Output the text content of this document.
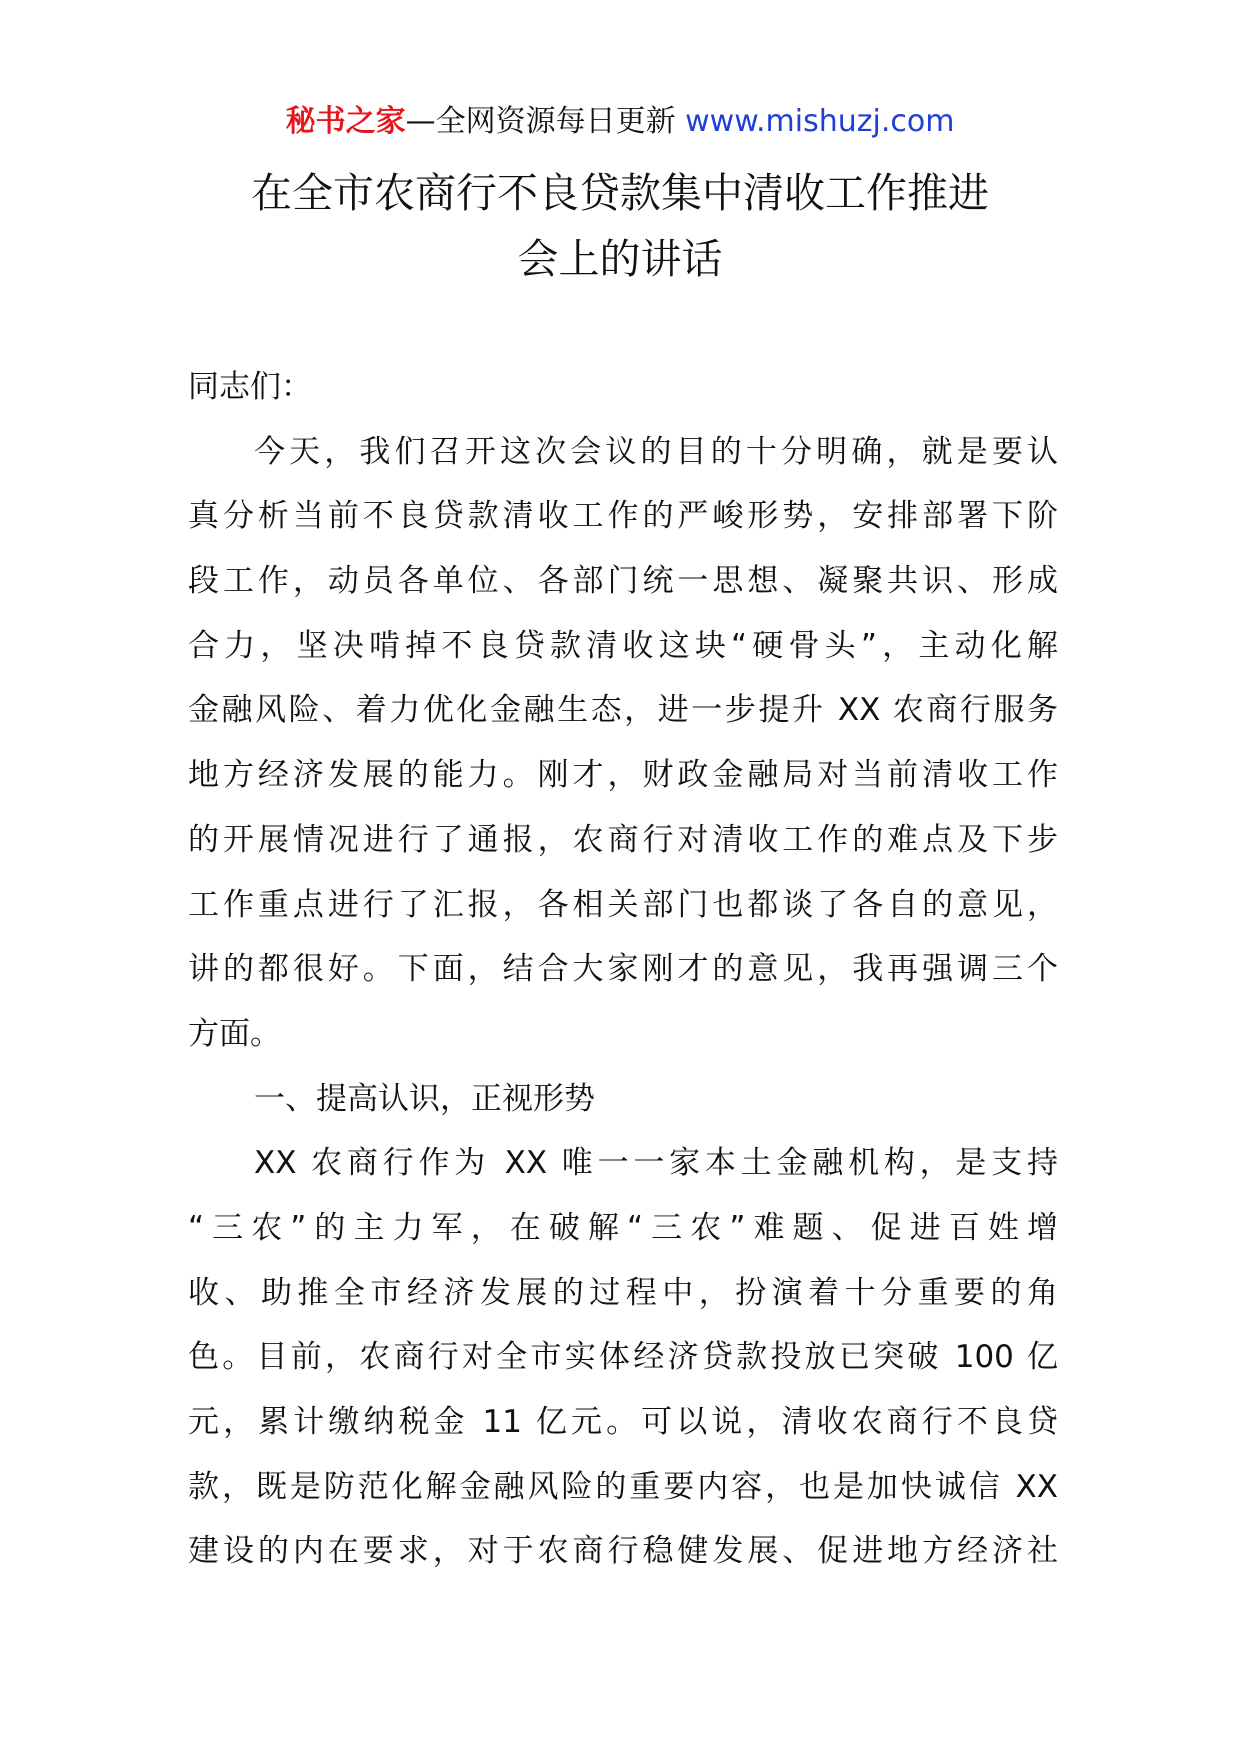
秘书之家—全网资源每日更新 www.mishuzj.com
在全市农商行不良贷款集中清收工作推进
会上的讲话
同志们：
今天，我们召开这次会议的目的十分明确，就是要认
真分析当前不良贷款清收工作的严峻形势，安排部署下阶
段工作，动员各单位、各部门统一思想、凝聚共识、形成
合力，坚决啃掉不良贷款清收这块“硬骨头”，主动化解
金融风险、着力优化金融生态，进一步提升 XX 农商行服务
地方经济发展的能力。刚才，财政金融局对当前清收工作
的开展情况进行了通报，农商行对清收工作的难点及下步
工作重点进行了汇报，各相关部门也都谈了各自的意见，
讲的都很好。下面，结合大家刚才的意见，我再强调三个
方面。
一、提高认识，正视形势
XX 农商行作为 XX 唯一一家本土金融机构，是支持
“三农”的主力军，在破解“三农”难题、促进百姓增
收、助推全市经济发展的过程中，扮演着十分重要的角
色。目前，农商行对全市实体经济贷款投放已突破 100 亿
元，累计缴纳税金 11 亿元。可以说，清收农商行不良贷
款，既是防范化解金融风险的重要内容，也是加快诚信 XX
建设的内在要求，对于农商行稳健发展、促进地方经济社
